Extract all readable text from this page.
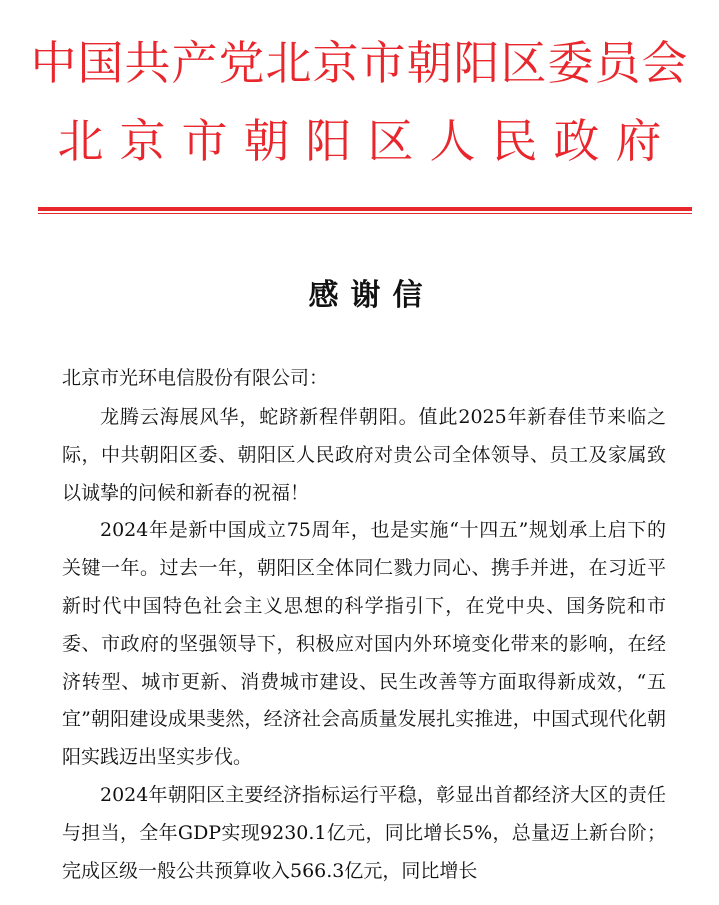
中国共产党北京市朝阳区委员会
北京市朝阳区人民政府
感谢信
北京市光环电信股份有限公司：

龙腾云海展风华，蛇跻新程伴朝阳。值此2025年新春佳节来临之际，中共朝阳区委、朝阳区人民政府对贵公司全体领导、员工及家属致以诚挚的问候和新春的祝福！

2024年是新中国成立75周年，也是实施“十四五”规划承上启下的关键一年。过去一年，朝阳区全体同仁戮力同心、携手并进，在习近平新时代中国特色社会主义思想的科学指引下，在党中央、国务院和市委、市政府的坚强领导下，积极应对国内外环境变化带来的影响，在经济转型、城市更新、消费城市建设、民生改善等方面取得新成效，“五宜”朝阳建设成果斐然，经济社会高质量发展扎实推进，中国式现代化朝阳实践迈出坚实步伐。

2024年朝阳区主要经济指标运行平稳，彰显出首都经济大区的责任与担当，全年GDP实现9230.1亿元，同比增长5%，总量迈上新台阶；完成区级一般公共预算收入566.3亿元，同比增长
